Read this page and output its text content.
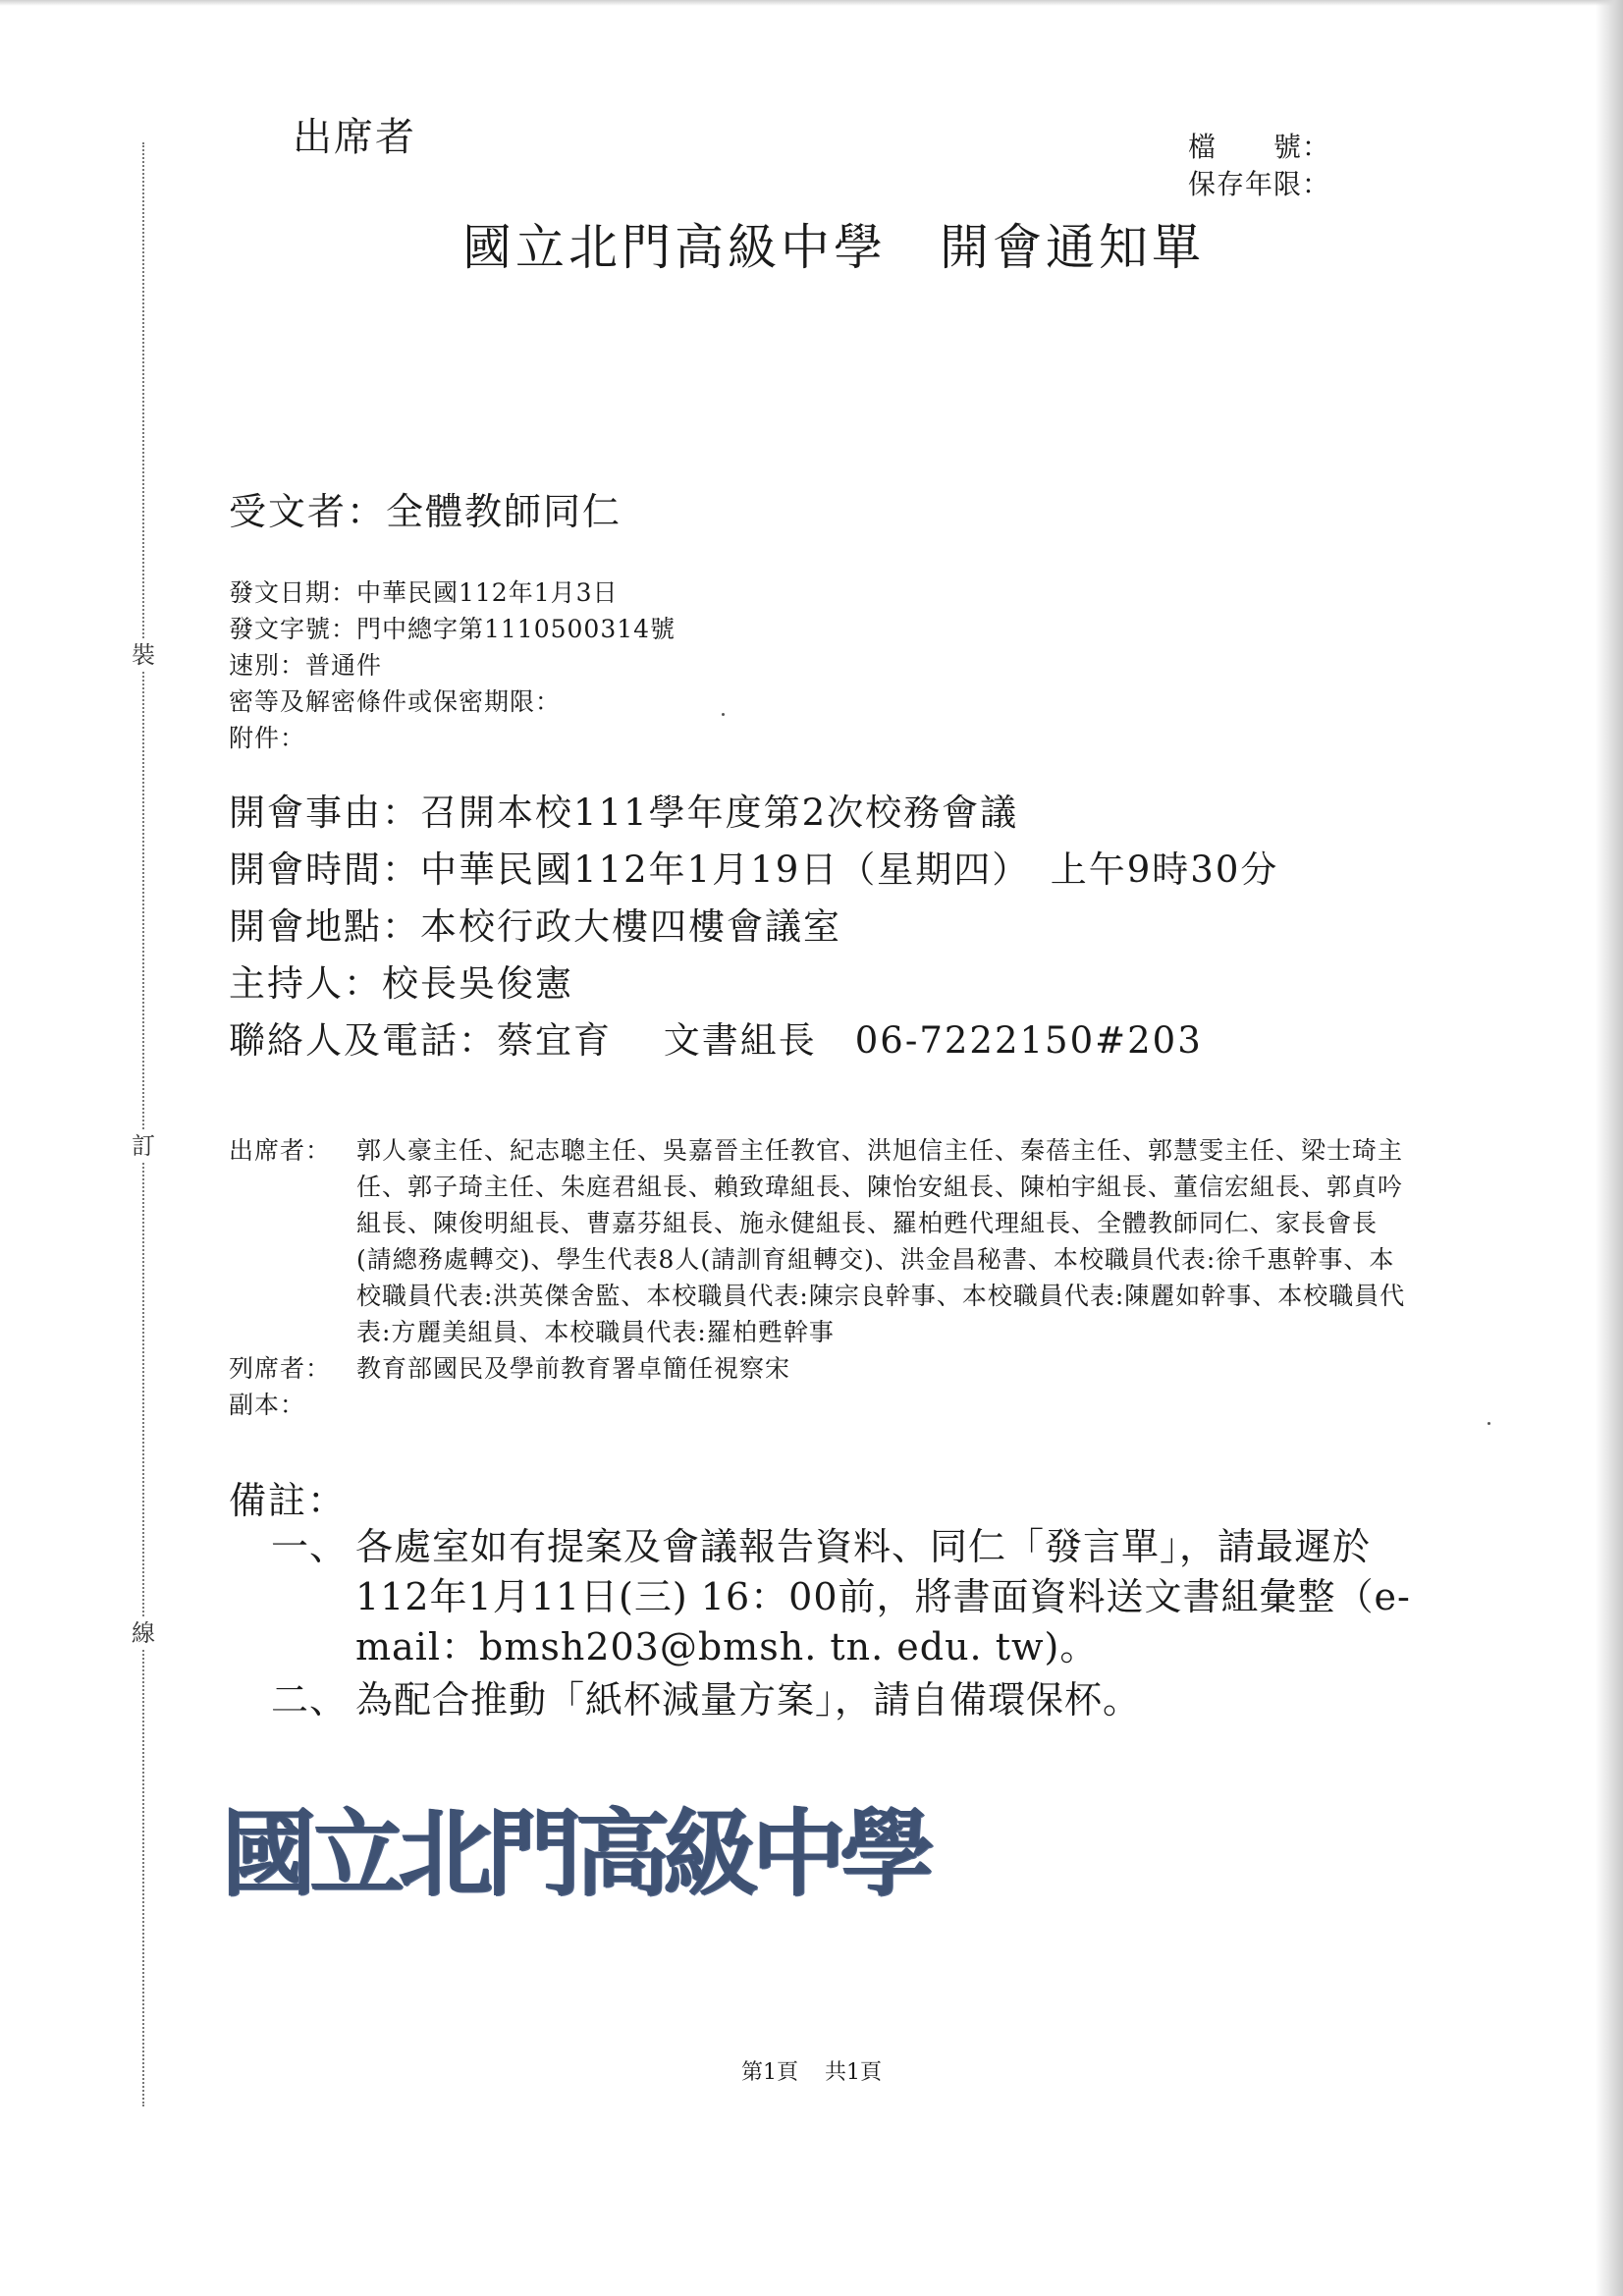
裝
訂
線
出席者	檔　　號：
保存年限：
國立北門高級中學　開會通知單
受文者：全體教師同仁
發文日期：中華民國112年1月3日
發文字號：門中總字第1110500314號
速別：普通件
密等及解密條件或保密期限：
附件：
開會事由：召開本校111學年度第2次校務會議
開會時間：中華民國112年1月19日（星期四）　上午9時30分
開會地點：本校行政大樓四樓會議室
主持人：校長吳俊憲
聯絡人及電話：蔡宜育　 文書組長　06-7222150#203
出席者：	郭人豪主任、紀志聰主任、吳嘉晉主任教官、洪旭信主任、秦蓓主任、郭慧雯主任、梁士琦主任、郭子琦主任、朱庭君組長、賴致瑋組長、陳怡安組長、陳柏宇組長、董信宏組長、郭貞吟組長、陳俊明組長、曹嘉芬組長、施永健組長、羅柏甦代理組長、全體教師同仁、家長會長(請總務處轉交)、學生代表8人(請訓育組轉交)、洪金昌秘書、本校職員代表:徐千惠幹事、本校職員代表:洪英傑舍監、本校職員代表:陳宗良幹事、本校職員代表:陳麗如幹事、本校職員代表:方麗美組員、本校職員代表:羅柏甦幹事
列席者：	教育部國民及學前教育署卓簡任視察宋
副本：
備註：
一、 各處室如有提案及會議報告資料、同仁「發言單」，請最遲於112年1月11日(三) 16：00前，將書面資料送文書組彙整（e-mail：bmsh203@bmsh. tn. edu. tw)。
二、 為配合推動「紙杯減量方案」，請自備環保杯。
國立北門高級中學
第1頁 共1頁
